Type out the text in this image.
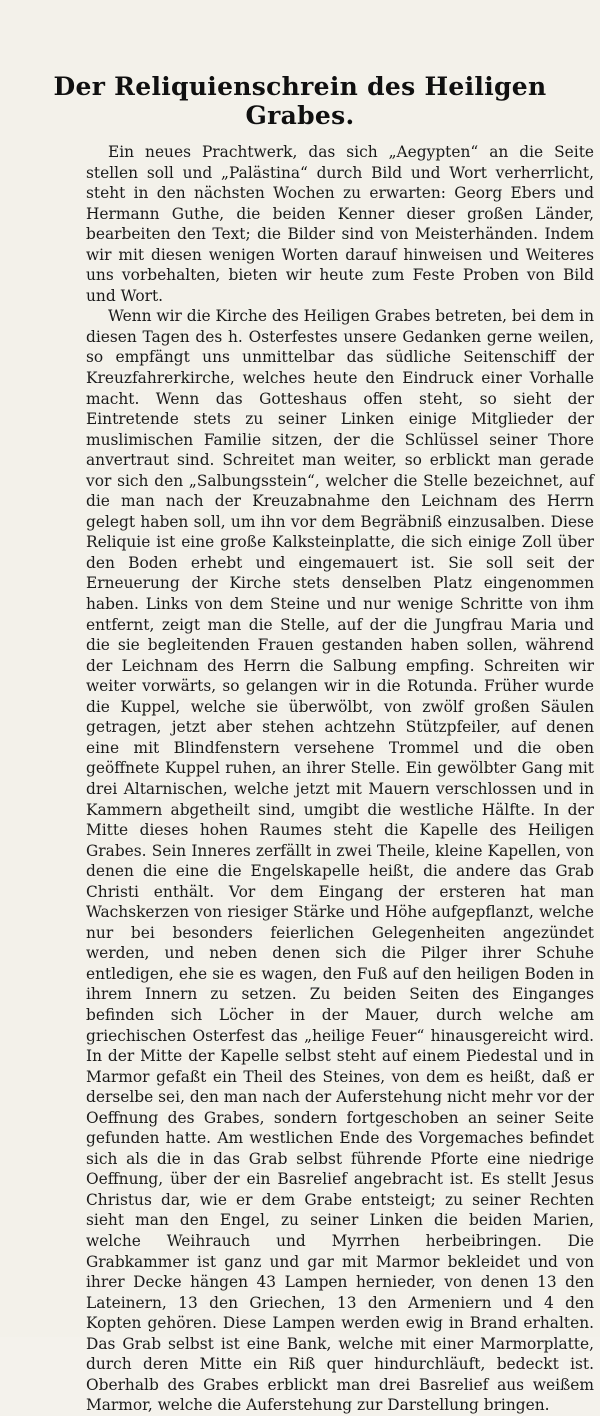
Der Reliquienschrein des Heiligen Grabes.

Ein neues Prachtwerk, das sich „Aegypten“ an die Seite stellen soll und „Palästina“ durch Bild und Wort verherrlicht, steht in den nächsten Wochen zu erwarten: Georg Ebers und Hermann Guthe, die beiden Kenner dieser großen Länder, bearbeiten den Text; die Bilder sind von Meisterhänden. Indem wir mit diesen wenigen Worten darauf hinweisen und Weiteres uns vorbehalten, bieten wir heute zum Feste Proben von Bild und Wort.

Wenn wir die Kirche des Heiligen Grabes betreten, bei dem in diesen Tagen des h. Osterfestes unsere Gedanken gerne weilen, so empfängt uns unmittelbar das südliche Seitenschiff der Kreuzfahrerkirche, welches heute den Eindruck einer Vorhalle macht. Wenn das Gotteshaus offen steht, so sieht der Eintretende stets zu seiner Linken einige Mitglieder der muslimischen Familie sitzen, der die Schlüssel seiner Thore anvertraut sind. Schreitet man weiter, so erblickt man gerade vor sich den „Salbungsstein“, welcher die Stelle bezeichnet, auf die man nach der Kreuzabnahme den Leichnam des Herrn gelegt haben soll, um ihn vor dem Begräbniß einzusalben. Diese Reliquie ist eine große Kalksteinplatte, die sich einige Zoll über den Boden erhebt und eingemauert ist. Sie soll seit der Erneuerung der Kirche stets denselben Platz eingenommen haben. Links von dem Steine und nur wenige Schritte von ihm entfernt, zeigt man die Stelle, auf der die Jungfrau Maria und die sie begleitenden Frauen gestanden haben sollen, während der Leichnam des Herrn die Salbung empfing. Schreiten wir weiter vorwärts, so gelangen wir in die Rotunda. Früher wurde die Kuppel, welche sie überwölbt, von zwölf großen Säulen getragen, jetzt aber stehen achtzehn Stützpfeiler, auf denen eine mit Blindfenstern versehene Trommel und die oben geöffnete Kuppel ruhen, an ihrer Stelle. Ein gewölbter Gang mit drei Altarnischen, welche jetzt mit Mauern verschlossen und in Kammern abgetheilt sind, umgibt die westliche Hälfte. In der Mitte dieses hohen Raumes steht die Kapelle des Heiligen Grabes. Sein Inneres zerfällt in zwei Theile, kleine Kapellen, von denen die eine die Engelskapelle heißt, die andere das Grab Christi enthält. Vor dem Eingang der ersteren hat man Wachskerzen von riesiger Stärke und Höhe aufgepflanzt, welche nur bei besonders feierlichen Gelegenheiten angezündet werden, und neben denen sich die Pilger ihrer Schuhe entledigen, ehe sie es wagen, den Fuß auf den heiligen Boden in ihrem Innern zu setzen. Zu beiden Seiten des Einganges befinden sich Löcher in der Mauer, durch welche am griechischen Osterfest das „heilige Feuer“ hinausgereicht wird. In der Mitte der Kapelle selbst steht auf einem Piedestal und in Marmor gefaßt ein Theil des Steines, von dem es heißt, daß er derselbe sei, den man nach der Auferstehung nicht mehr vor der Oeffnung des Grabes, sondern fortgeschoben an seiner Seite gefunden hatte. Am westlichen Ende des Vorgemaches befindet sich als die in das Grab selbst führende Pforte eine niedrige Oeffnung, über der ein Basrelief angebracht ist. Es stellt Jesus Christus dar, wie er dem Grabe entsteigt; zu seiner Rechten sieht man den Engel, zu seiner Linken die beiden Marien, welche Weihrauch und Myrrhen herbeibringen. Die Grabkammer ist ganz und gar mit Marmor bekleidet und von ihrer Decke hängen 43 Lampen hernieder, von denen 13 den Lateinern, 13 den Griechen, 13 den Armeniern und 4 den Kopten gehören. Diese Lampen werden ewig in Brand erhalten. Das Grab selbst ist eine Bank, welche mit einer Marmorplatte, durch deren Mitte ein Riß quer hindurchläuft, bedeckt ist. Oberhalb des Grabes erblickt man drei Basrelief aus weißem Marmor, welche die Auferstehung zur Darstellung bringen.
